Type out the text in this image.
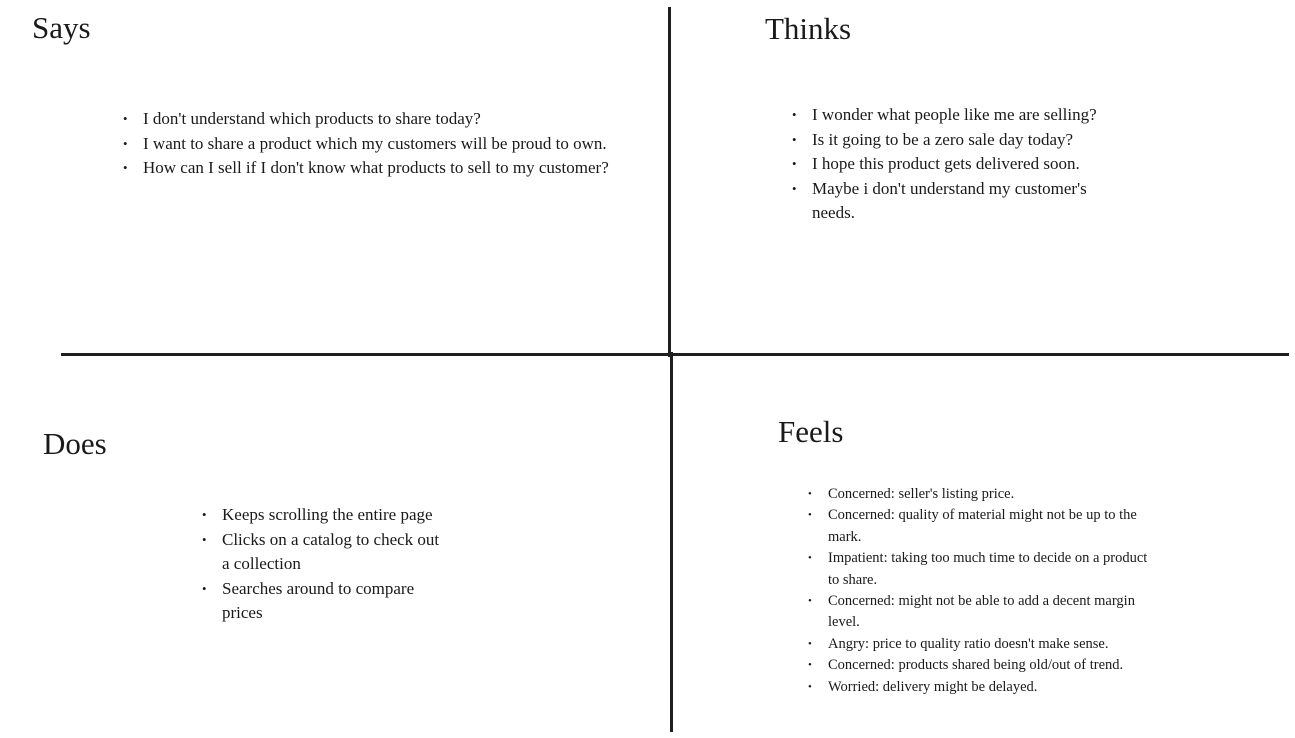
Says
• I don't understand which products to share today?
• I want to share a product which my customers will be proud to own.
• How can I sell if I don't know what products to sell to my customer?
Thinks
• I wonder what people like me are selling?
• Is it going to be a zero sale day today?
• I hope this product gets delivered soon.
• Maybe i don't understand my customer's needs.
Does
• Keeps scrolling the entire page
• Clicks on a catalog to check out a collection
• Searches around to compare prices
Feels
• Concerned: seller's listing price.
• Concerned: quality of material might not be up to the mark.
• Impatient: taking too much time to decide on a product to share.
• Concerned: might not be able to add a decent margin level.
• Angry: price to quality ratio doesn't make sense.
• Concerned: products shared being old/out of trend.
• Worried: delivery might be delayed.
